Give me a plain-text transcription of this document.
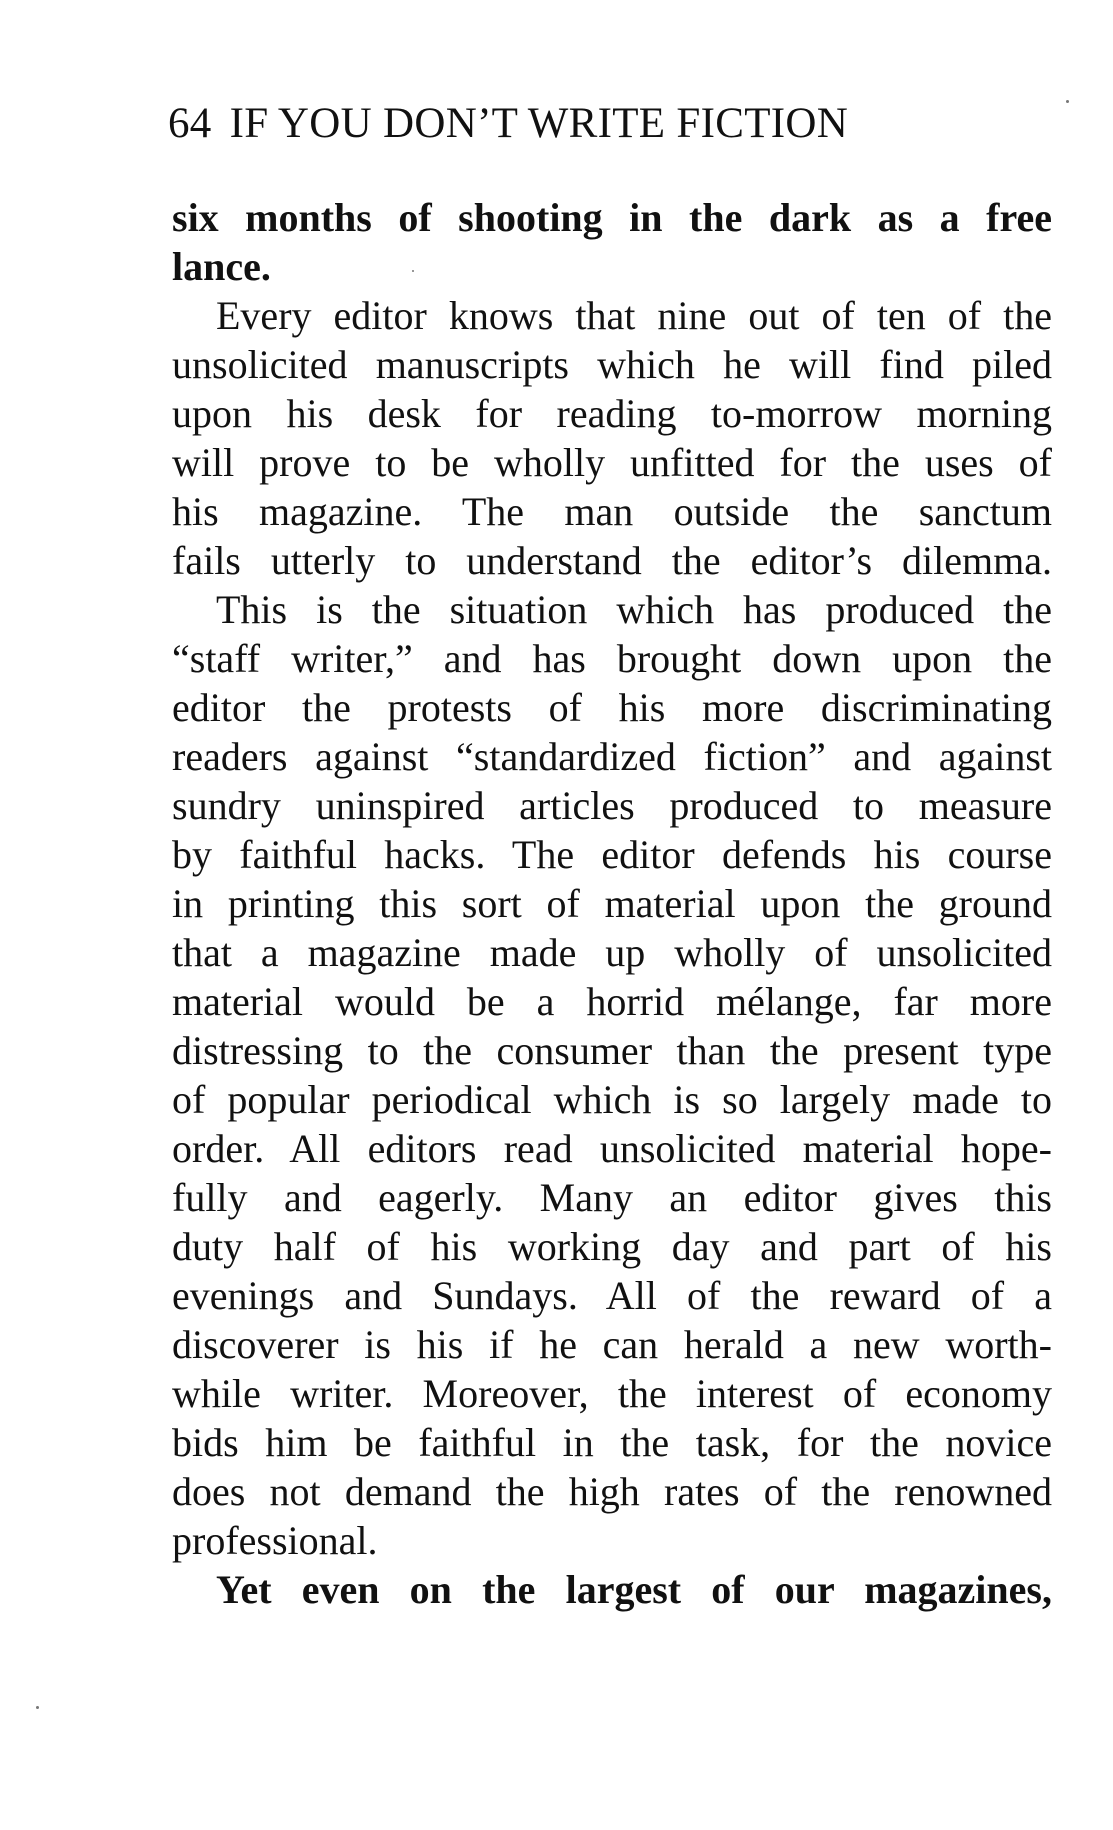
64 IF YOU DON’T WRITE FICTION
six months of shooting in the dark as a free
lance.
Every editor knows that nine out of ten of the
unsolicited manuscripts which he will find piled
upon his desk for reading to-morrow morning
will prove to be wholly unfitted for the uses of
his magazine. The man outside the sanctum
fails utterly to understand the editor’s dilemma.
This is the situation which has produced the
“staff writer,” and has brought down upon the
editor the protests of his more discriminating
readers against “standardized fiction” and against
sundry uninspired articles produced to measure
by faithful hacks. The editor defends his course
in printing this sort of material upon the ground
that a magazine made up wholly of unsolicited
material would be a horrid mélange, far more
distressing to the consumer than the present type
of popular periodical which is so largely made to
order. All editors read unsolicited material hope-
fully and eagerly. Many an editor gives this
duty half of his working day and part of his
evenings and Sundays. All of the reward of a
discoverer is his if he can herald a new worth-
while writer. Moreover, the interest of economy
bids him be faithful in the task, for the novice
does not demand the high rates of the renowned
professional.
Yet even on the largest of our magazines,
